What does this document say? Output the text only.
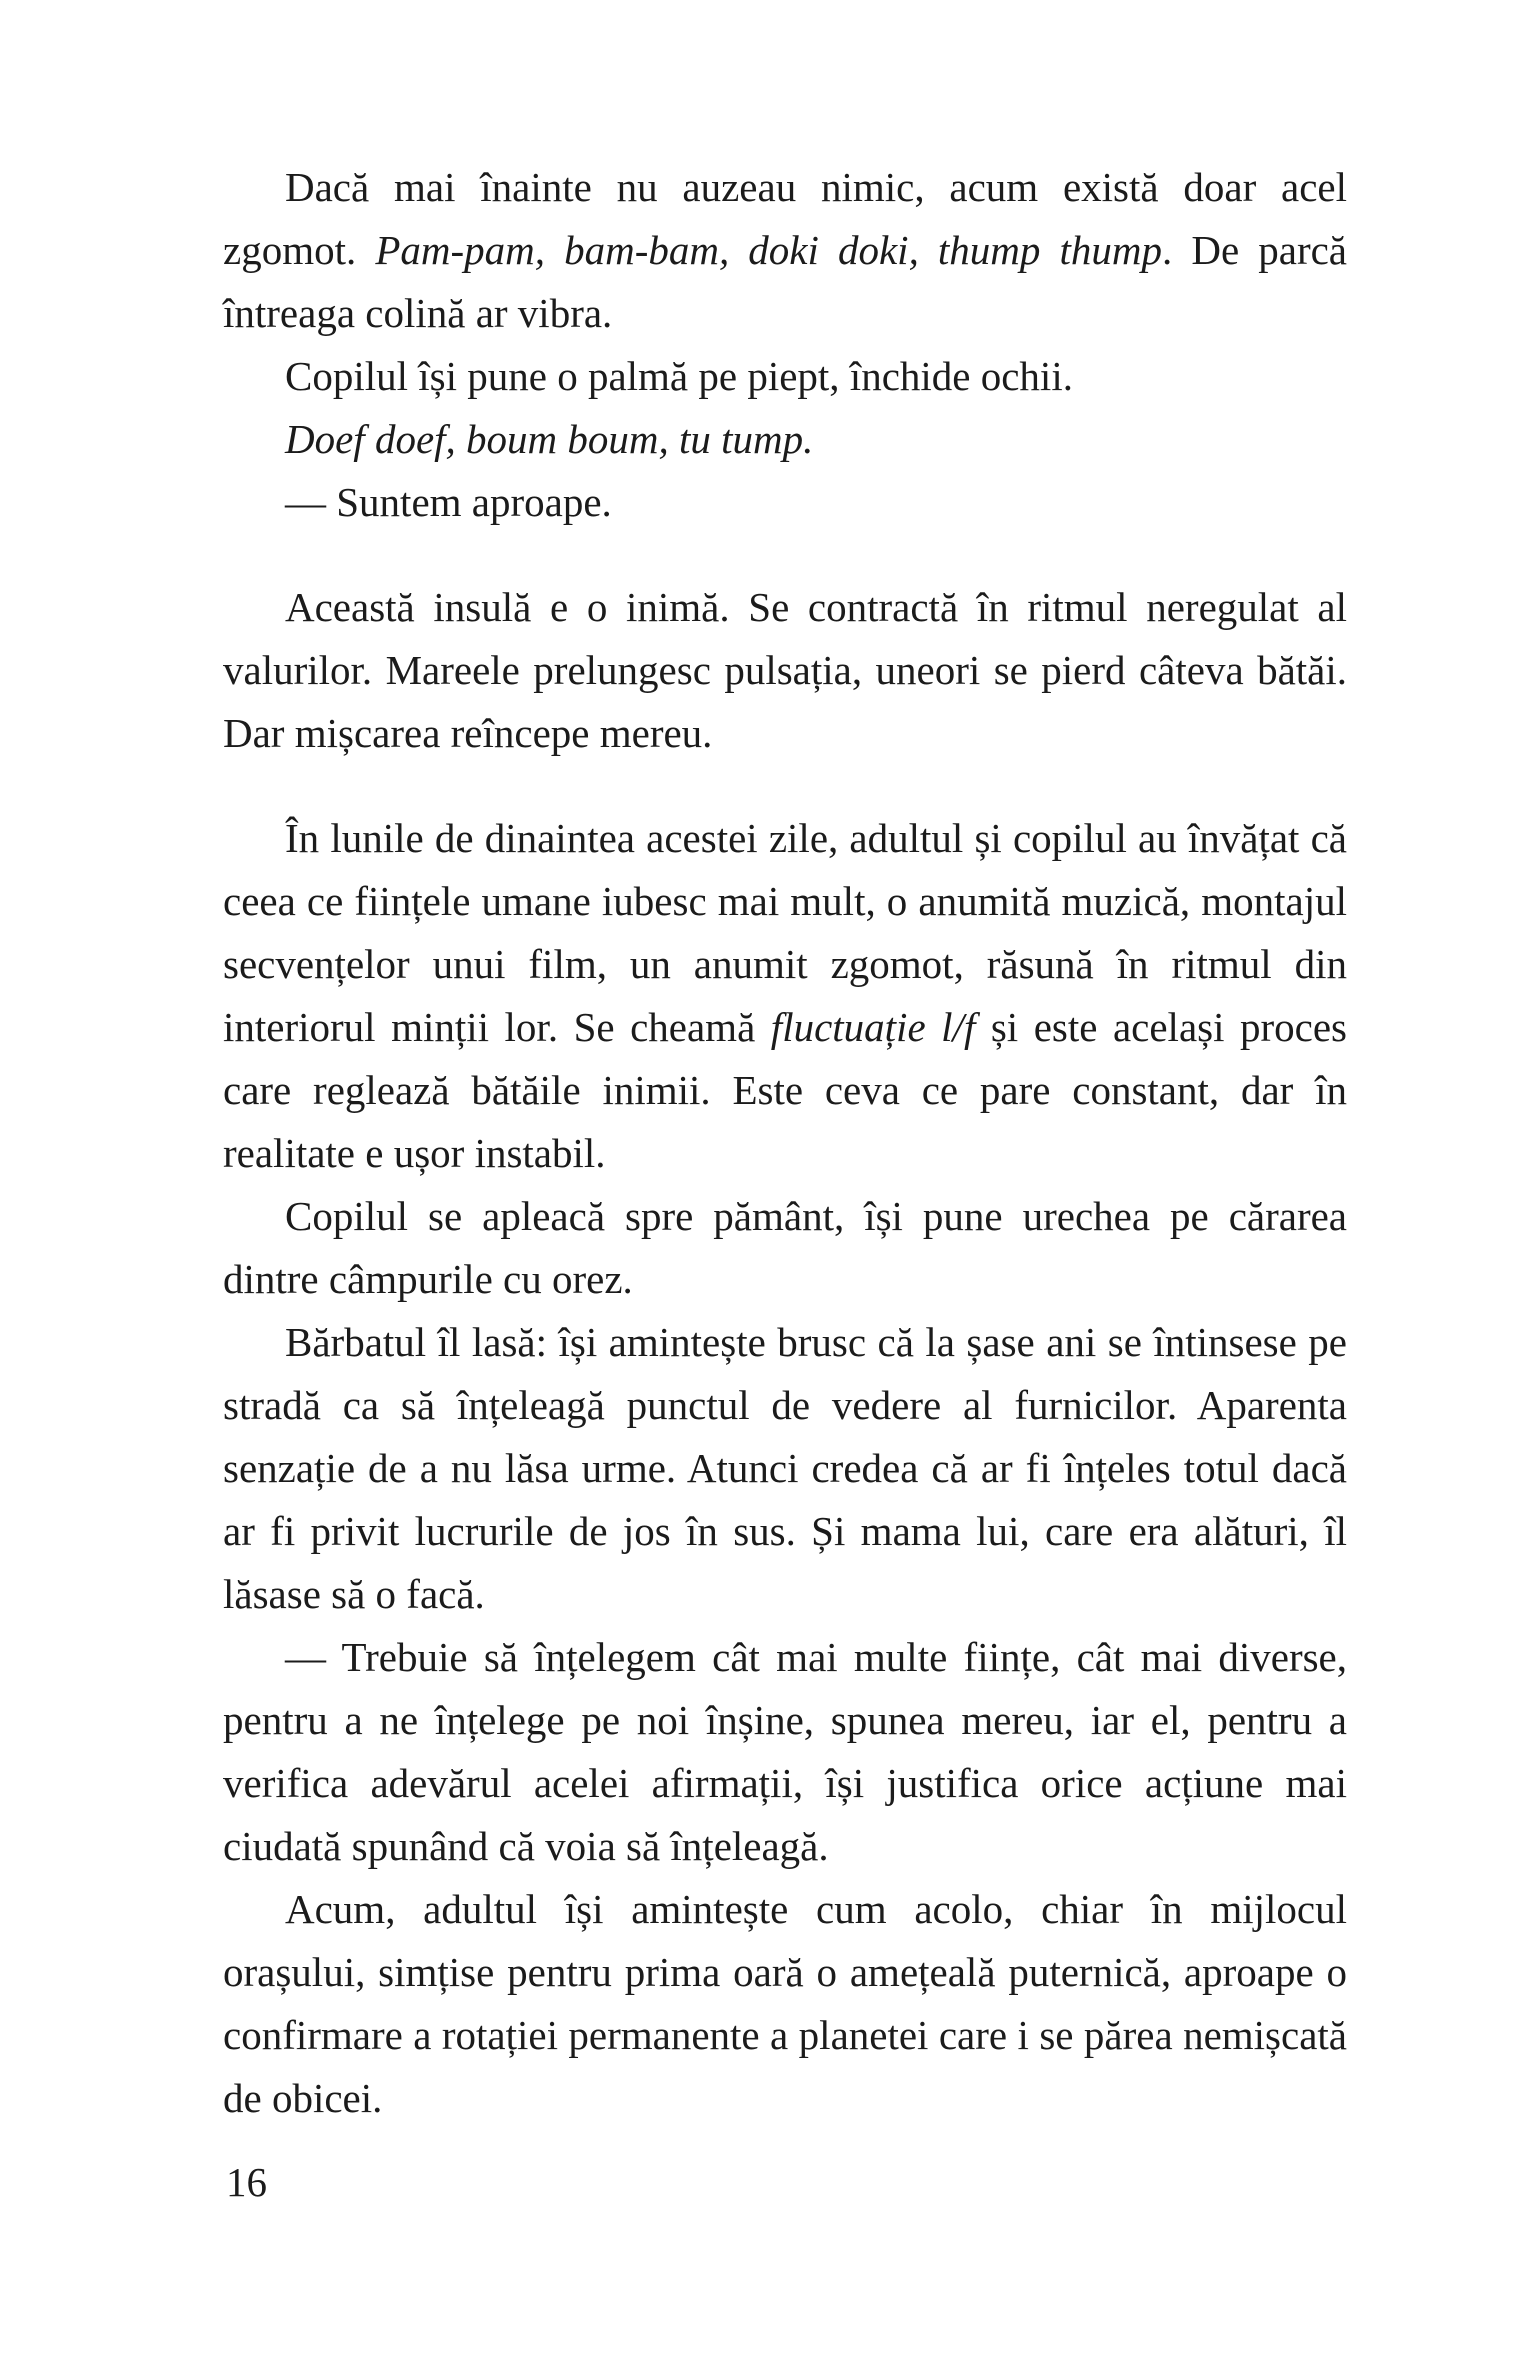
Dacă mai înainte nu auzeau nimic, acum există doar acel zgomot. Pam-pam, bam-bam, doki doki, thump thump. De parcă întreaga colină ar vibra.

Copilul își pune o palmă pe piept, închide ochii.

Doef doef, boum boum, tu tump.

— Suntem aproape.

Această insulă e o inimă. Se contractă în ritmul neregulat al valurilor. Mareele prelungesc pulsația, uneori se pierd câteva bătăi. Dar mișcarea reîncepe mereu.

În lunile de dinaintea acestei zile, adultul și copilul au învățat că ceea ce ființele umane iubesc mai mult, o anumită muzică, montajul secvențelor unui film, un anumit zgomot, răsună în ritmul din interiorul minții lor. Se cheamă fluctuație l/f și este același proces care reglează bătăile inimii. Este ceva ce pare constant, dar în realitate e ușor instabil.

Copilul se apleacă spre pământ, își pune urechea pe cărarea dintre câmpurile cu orez.

Bărbatul îl lasă: își amintește brusc că la șase ani se întinsese pe stradă ca să înțeleagă punctul de vedere al furnicilor. Aparenta senzație de a nu lăsa urme. Atunci credea că ar fi înțeles totul dacă ar fi privit lucrurile de jos în sus. Și mama lui, care era alături, îl lăsase să o facă.

— Trebuie să înțelegem cât mai multe ființe, cât mai diverse, pentru a ne înțelege pe noi înșine, spunea mereu, iar el, pentru a verifica adevărul acelei afirmații, își justifica orice acțiune mai ciudată spunând că voia să înțeleagă.

Acum, adultul își amintește cum acolo, chiar în mijlocul orașului, simțise pentru prima oară o amețeală puternică, aproape o confirmare a rotației permanente a planetei care i se părea nemișcată de obicei.

16
